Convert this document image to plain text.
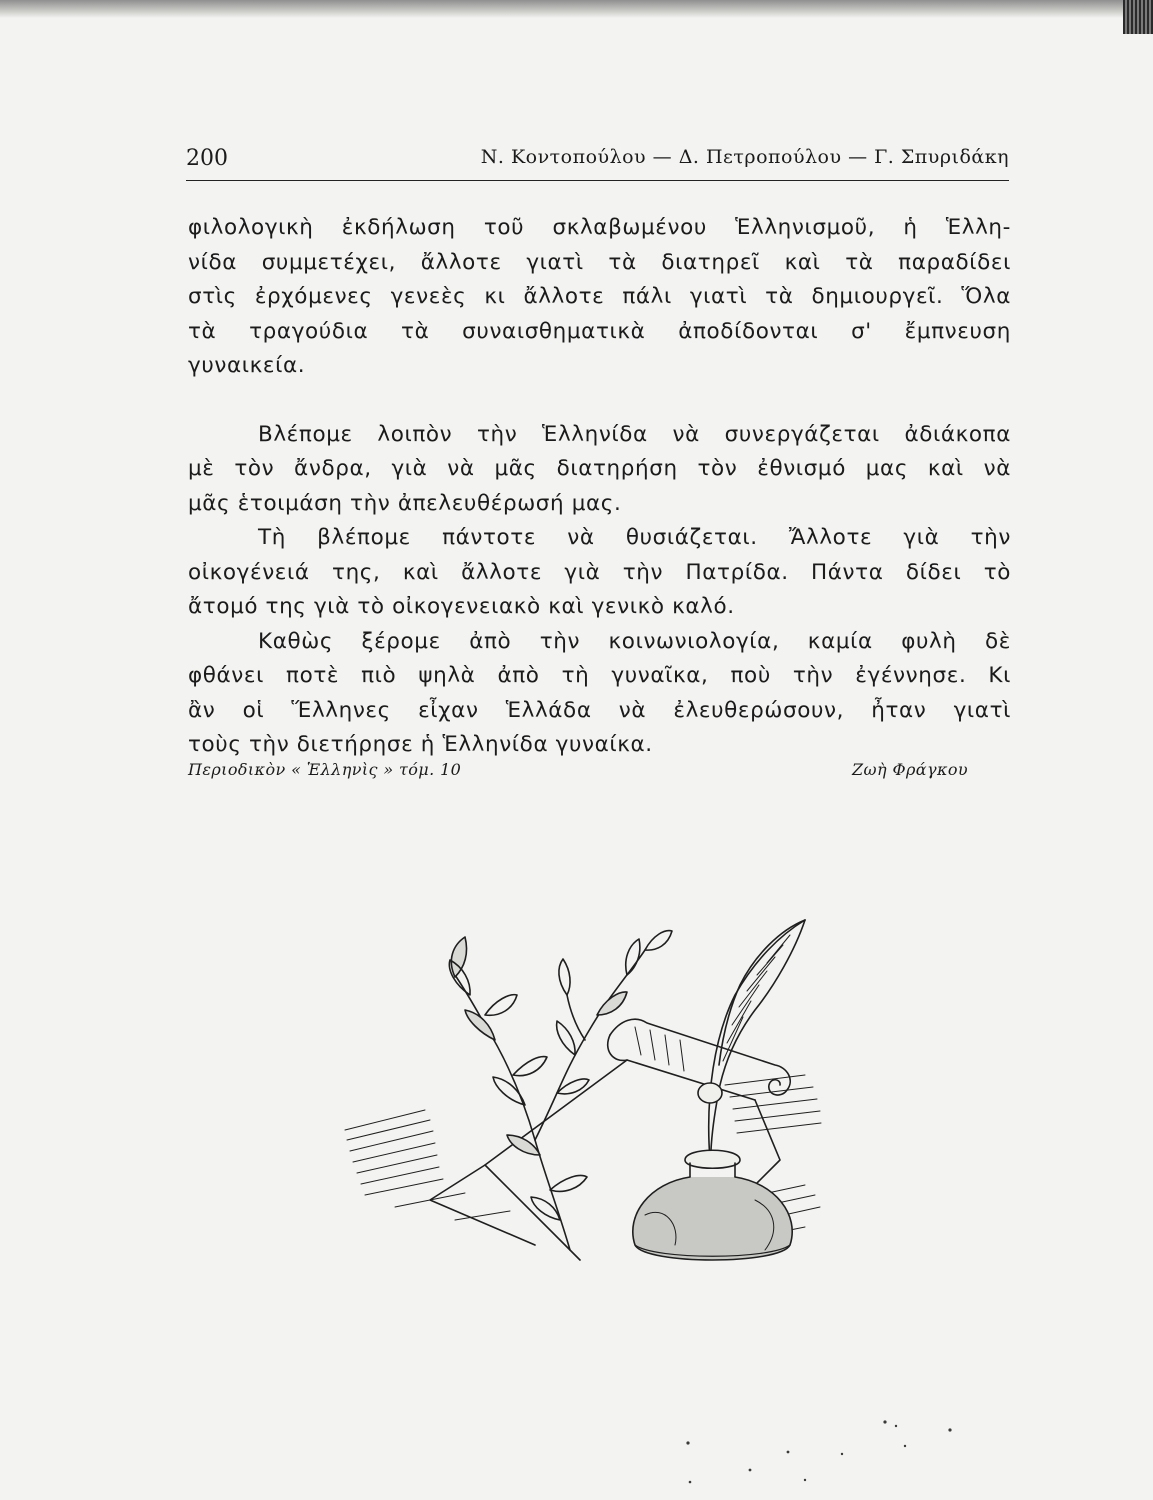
200	Ν. Κοντοπούλου — Δ. Πετροπούλου — Γ. Σπυριδάκη
φιλολογικὴ ἐκδήλωση τοῦ σκλαβωμένου Ἑλληνισμοῦ, ἡ Ἑλλη-
νίδα συμμετέχει, ἄλλοτε γιατὶ τὰ διατηρεῖ καὶ τὰ παραδίδει
στὶς ἐρχόμενες γενεὲς κι ἄλλοτε πάλι γιατὶ τὰ δημιουργεῖ. Ὅλα
τὰ τραγούδια τὰ συναισθηματικὰ ἀποδίδονται σ' ἔμπνευση
γυναικεία.
Βλέπομε λοιπὸν τὴν Ἑλληνίδα νὰ συνεργάζεται ἀδιάκοπα
μὲ τὸν ἄνδρα, γιὰ νὰ μᾶς διατηρήση τὸν ἐθνισμό μας καὶ νὰ
μᾶς ἑτοιμάση τὴν ἀπελευθέρωσή μας.
Τὴ βλέπομε πάντοτε νὰ θυσιάζεται. Ἄλλοτε γιὰ τὴν
οἰκογένειά της, καὶ ἄλλοτε γιὰ τὴν Πατρίδα. Πάντα δίδει τὸ
ἄτομό της γιὰ τὸ οἰκογενειακὸ καὶ γενικὸ καλό.
Καθὼς ξέρομε ἀπὸ τὴν κοινωνιολογία, καμία φυλὴ δὲ
φθάνει ποτὲ πιὸ ψηλὰ ἀπὸ τὴ γυναῖκα, ποὺ τὴν ἐγέννησε. Κι
ἂν οἱ Ἕλληνες εἶχαν Ἑλλάδα νὰ ἐλευθερώσουν, ἦταν γιατὶ
τοὺς τὴν διετήρησε ἡ Ἑλληνίδα γυναίκα.
Περιοδικὸν « Ἑλληνὶς » τόμ. 10	Ζωὴ Φράγκου
